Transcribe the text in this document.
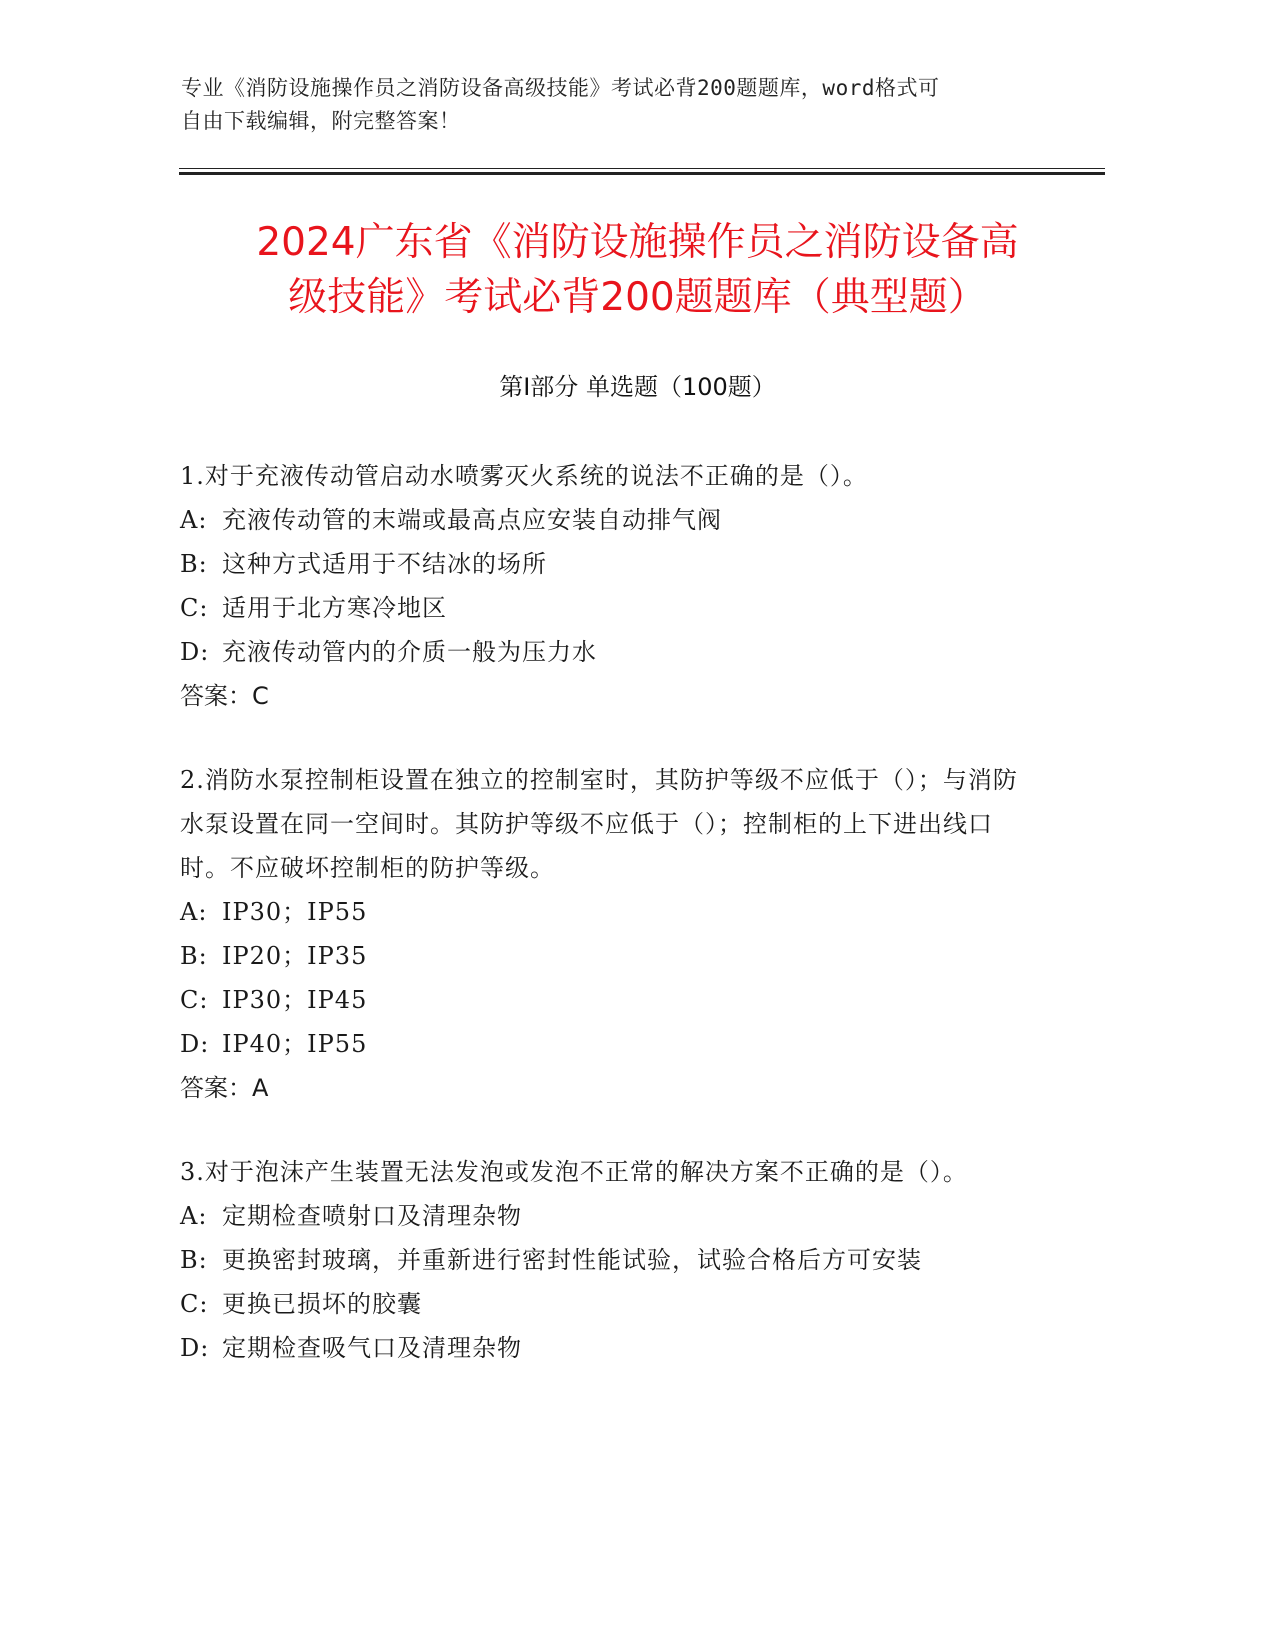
专业《消防设施操作员之消防设备高级技能》考试必背200题题库，word格式可
自由下载编辑，附完整答案！
2024广东省《消防设施操作员之消防设备高
级技能》考试必背200题题库（典型题）
第Ⅰ部分 单选题（100题）
1.对于充液传动管启动水喷雾灭火系统的说法不正确的是（）。
A: 充液传动管的末端或最高点应安装自动排气阀
B: 这种方式适用于不结冰的场所
C: 适用于北方寒冷地区
D: 充液传动管内的介质一般为压力水
答案：C
2.消防水泵控制柜设置在独立的控制室时，其防护等级不应低于（）；与消防水泵设置在同一空间时。其防护等级不应低于（）；控制柜的上下进出线口时。不应破坏控制柜的防护等级。
A: IP30；IP55
B: IP20；IP35
C: IP30；IP45
D: IP40；IP55
答案：A
3.对于泡沫产生装置无法发泡或发泡不正常的解决方案不正确的是（）。
A: 定期检查喷射口及清理杂物
B: 更换密封玻璃，并重新进行密封性能试验，试验合格后方可安装
C: 更换已损坏的胶囊
D: 定期检查吸气口及清理杂物
